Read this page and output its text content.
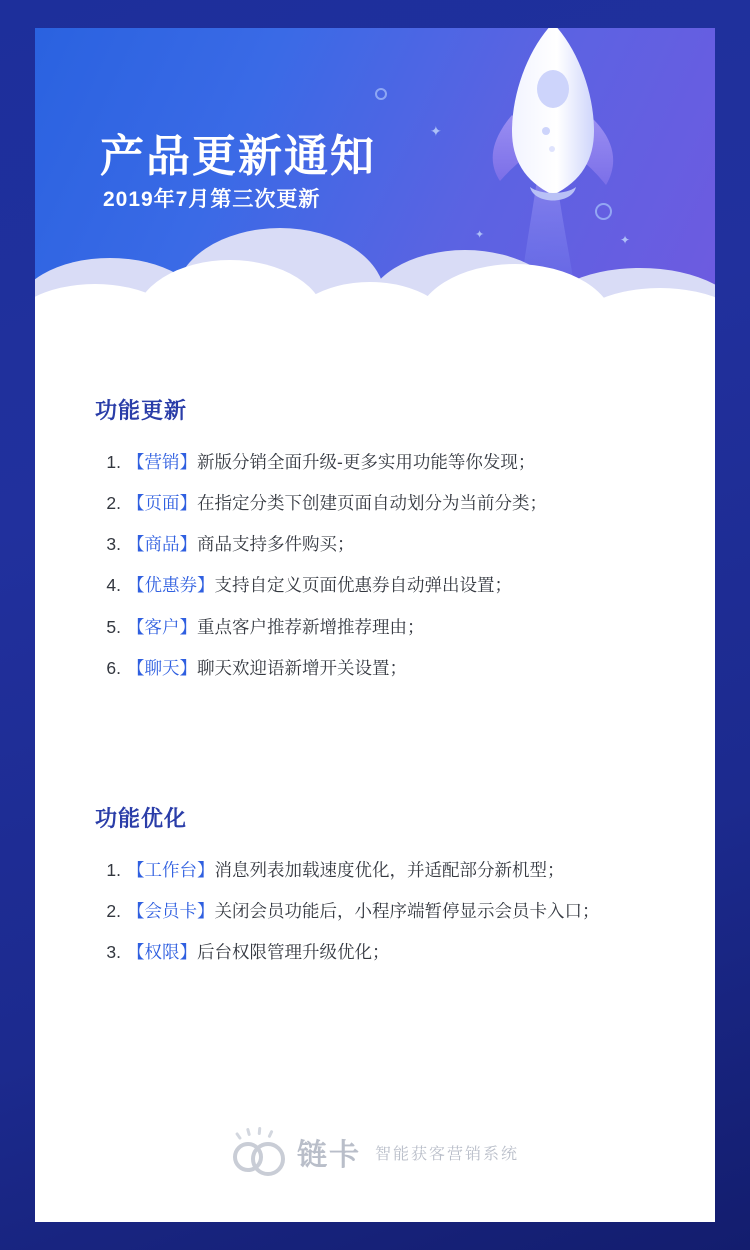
✦
✦	✦
产品更新通知
2019年7月第三次更新
功能更新
1. 【营销】新版分销全面升级-更多实用功能等你发现；
2. 【页面】在指定分类下创建页面自动划分为当前分类；
3. 【商品】商品支持多件购买；
4. 【优惠券】支持自定义页面优惠券自动弹出设置；
5. 【客户】重点客户推荐新增推荐理由；
6. 【聊天】聊天欢迎语新增开关设置；
功能优化
1. 【工作台】消息列表加载速度优化，并适配部分新机型；
2. 【会员卡】关闭会员功能后，小程序端暂停显示会员卡入口；
3. 【权限】后台权限管理升级优化；
链卡 智能获客营销系统
